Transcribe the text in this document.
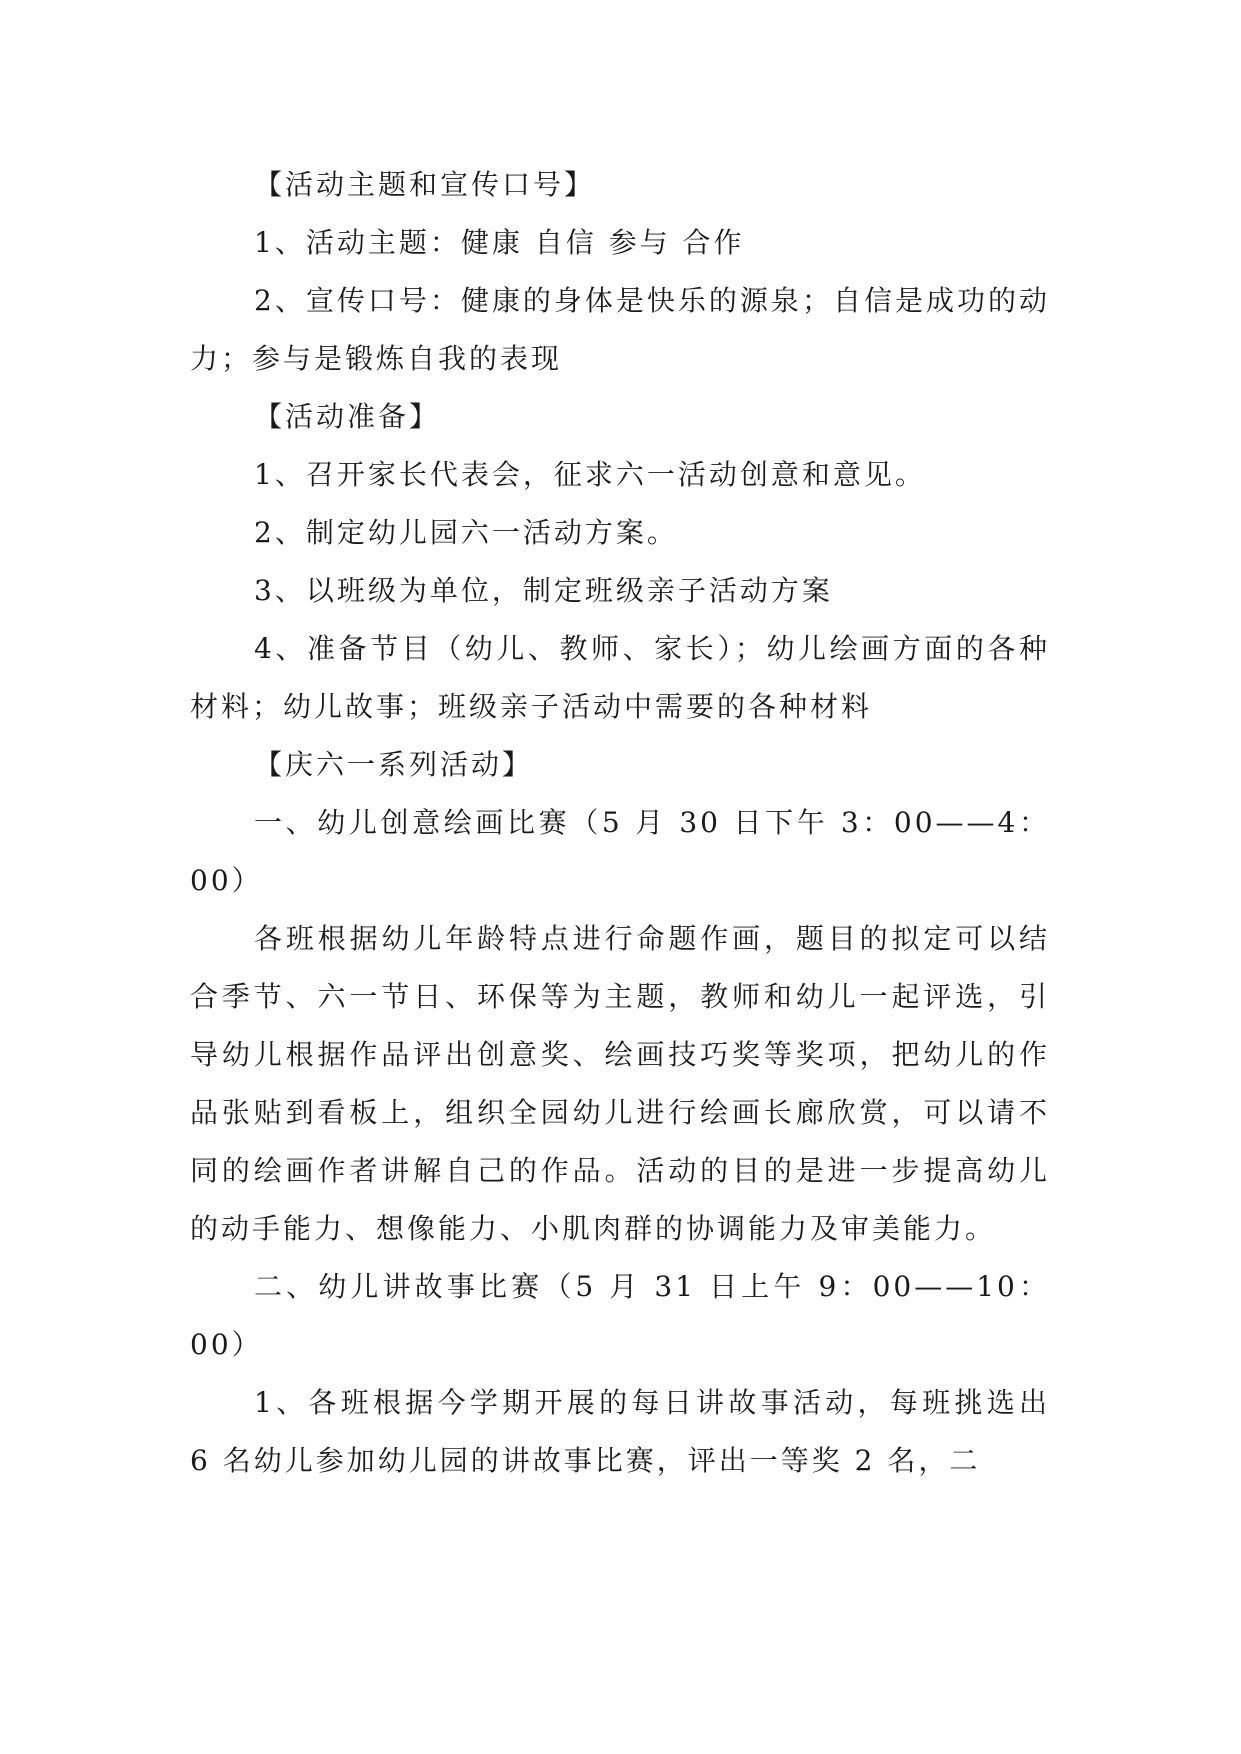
【活动主题和宣传口号】

1、活动主题：健康 自信 参与 合作

2、宣传口号：健康的身体是快乐的源泉；自信是成功的动力；参与是锻炼自我的表现

【活动准备】

1、召开家长代表会，征求六一活动创意和意见。

2、制定幼儿园六一活动方案。

3、以班级为单位，制定班级亲子活动方案

4、准备节目（幼儿、教师、家长）；幼儿绘画方面的各种材料；幼儿故事；班级亲子活动中需要的各种材料

【庆六一系列活动】

一、幼儿创意绘画比赛（5 月 30 日下午 3：00——4：00）

各班根据幼儿年龄特点进行命题作画，题目的拟定可以结合季节、六一节日、环保等为主题，教师和幼儿一起评选，引导幼儿根据作品评出创意奖、绘画技巧奖等奖项，把幼儿的作品张贴到看板上，组织全园幼儿进行绘画长廊欣赏，可以请不同的绘画作者讲解自己的作品。活动的目的是进一步提高幼儿的动手能力、想像能力、小肌肉群的协调能力及审美能力。

二、幼儿讲故事比赛（5 月 31 日上午 9：00——10：00）

1、各班根据今学期开展的每日讲故事活动，每班挑选出 6 名幼儿参加幼儿园的讲故事比赛，评出一等奖 2 名，二
